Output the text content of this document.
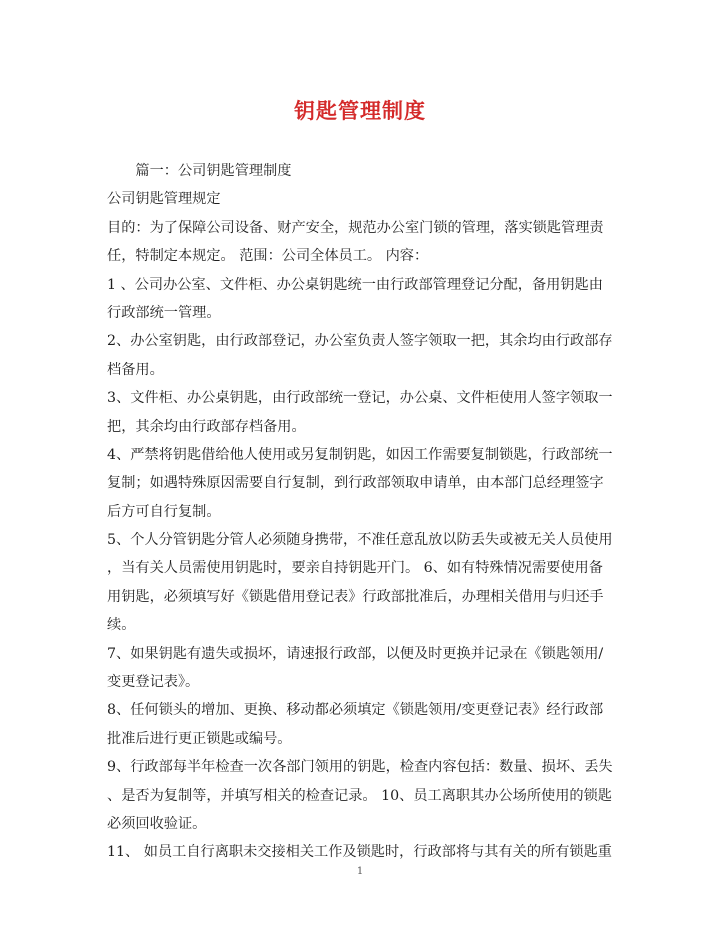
钥匙管理制度
　　篇一：公司钥匙管理制度
公司钥匙管理规定
目的：为了保障公司设备、财产安全，规范办公室门锁的管理，落实锁匙管理责
任，特制定本规定。 范围：公司全体员工。 内容：
1 、公司办公室、文件柜、办公桌钥匙统一由行政部管理登记分配，备用钥匙由
行政部统一管理。
2、办公室钥匙，由行政部登记，办公室负责人签字领取一把，其余均由行政部存
档备用。
3、文件柜、办公桌钥匙，由行政部统一登记，办公桌、文件柜使用人签字领取一
把，其余均由行政部存档备用。
4、严禁将钥匙借给他人使用或另复制钥匙，如因工作需要复制锁匙，行政部统一
复制；如遇特殊原因需要自行复制，到行政部领取申请单，由本部门总经理签字
后方可自行复制。
5、个人分管钥匙分管人必须随身携带，不准任意乱放以防丢失或被无关人员使用
，当有关人员需使用钥匙时，要亲自持钥匙开门。 6、如有特殊情况需要使用备
用钥匙，必须填写好《锁匙借用登记表》行政部批准后，办理相关借用与归还手
续。
7、如果钥匙有遗失或损坏，请速报行政部，以便及时更换并记录在《锁匙领用/
变更登记表》。
8、任何锁头的增加、更换、移动都必须填定《锁匙领用/变更登记表》经行政部
批准后进行更正锁匙或编号。
9、行政部每半年检查一次各部门领用的钥匙，检查内容包括：数量、损坏、丢失
、是否为复制等，并填写相关的检查记录。 10、员工离职其办公场所使用的锁匙
必须回收验证。
11、 如员工自行离职未交接相关工作及锁匙时，行政部将与其有关的所有锁匙重
1
